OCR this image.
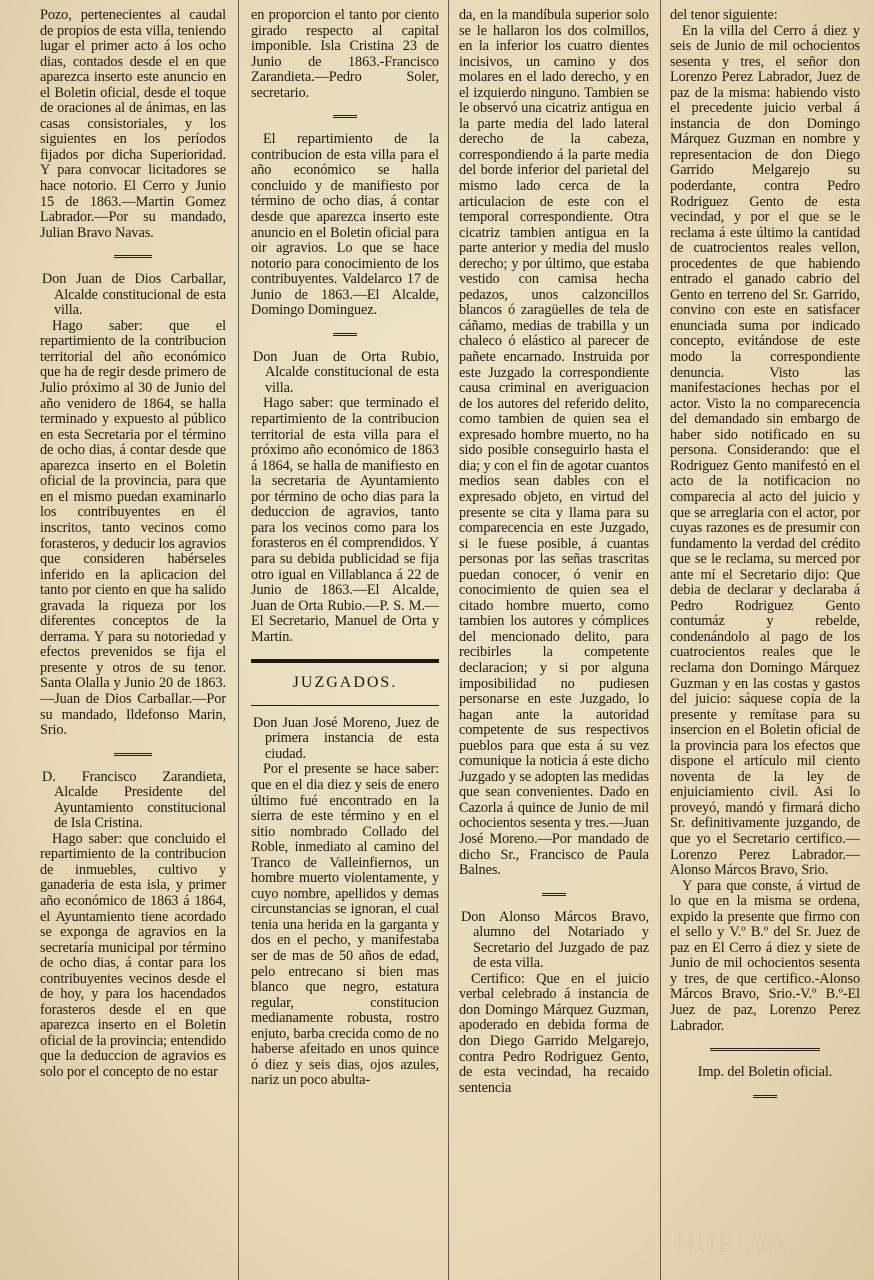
Pozo, pertenecientes al caudal de propios de esta villa, teniendo lugar el primer acto á los ocho dias, contados desde el en que aparezca inserto este anuncio en el Boletin oficial, desde el toque de oraciones al de ánimas, en las casas consistoriales, y los siguientes en los períodos fijados por dicha Superioridad. Y para convocar licitadores se hace notorio. El Cerro y Junio 15 de 1863.—Martin Gomez Labrador.—Por su mandado, Julian Bravo Navas.

Don Juan de Dios Carballar, Alcalde constitucional de esta villa.

Hago saber: que el repartimiento de la contribucion territorial del año económico que ha de regir desde primero de Julio próximo al 30 de Junio del año venidero de 1864, se halla terminado y expuesto al público en esta Secretaria por el término de ocho dias, á contar desde que aparezca inserto en el Boletin oficial de la provincia, para que en el mismo puedan examinarlo los contribuyentes en él inscritos, tanto vecinos como forasteros, y deducir los agravios que consideren habérseles inferido en la aplicacion del tanto por ciento en que ha salido gravada la riqueza por los diferentes conceptos de la derrama. Y para su notoriedad y efectos prevenidos se fija el presente y otros de su tenor. Santa Olalla y Junio 20 de 1863.—Juan de Dios Carballar.—Por su mandado, Ildefonso Marin, Srio.

D. Francisco Zarandieta, Alcalde Presidente del Ayuntamiento constitucional de Isla Cristina.

Hago saber: que concluido el repartimiento de la contribucion de inmuebles, cultivo y ganaderia de esta isla, y primer año económico de 1863 á 1864, el Ayuntamiento tiene acordado se exponga de agravios en la secretaría municipal por término de ocho dias, á contar para los contribuyentes vecinos desde el de hoy, y para los hacendados forasteros desde el en que aparezca inserto en el Boletin oficial de la provincia; entendido que la deduccion de agravios es solo por el concepto de no estar

en proporcion el tanto por ciento girado respecto al capital imponible. Isla Cristina 23 de Junio de 1863.-Francisco Zarandieta.—Pedro Soler, secretario.

El repartimiento de la contribucion de esta villa para el año económico se halla concluido y de manifiesto por término de ocho dias, á contar desde que aparezca inserto este anuncio en el Boletin oficial para oir agravios. Lo que se hace notorio para conocimiento de los contribuyentes. Valdelarco 17 de Junio de 1863.—El Alcalde, Domingo Dominguez.

Don Juan de Orta Rubio, Alcalde constitucional de esta villa.

Hago saber: que terminado el repartimiento de la contribucion territorial de esta villa para el próximo año económico de 1863 á 1864, se halla de manifiesto en la secretaria de Ayuntamiento por término de ocho dias para la deduccion de agravios, tanto para los vecinos como para los forasteros en él comprendidos. Y para su debida publicidad se fija otro igual en Villablanca á 22 de Junio de 1863.—El Alcalde, Juan de Orta Rubio.—P. S. M.—El Secretario, Manuel de Orta y Martin.

JUZGADOS.

Don Juan José Moreno, Juez de primera instancia de esta ciudad.

Por el presente se hace saber: que en el dia diez y seis de enero último fué encontrado en la sierra de este término y en el sitio nombrado Collado del Roble, inmediato al camino del Tranco de Valleinfiernos, un hombre muerto violentamente, y cuyo nombre, apellidos y demas circunstancias se ignoran, el cual tenia una herida en la garganta y dos en el pecho, y manifestaba ser de mas de 50 años de edad, pelo entrecano si bien mas blanco que negro, estatura regular, constitucion medianamente robusta, rostro enjuto, barba crecida como de no haberse afeitado en unos quince ó diez y seis dias, ojos azules, nariz un poco abulta-

da, en la mandíbula superior solo se le hallaron los dos colmillos, en la inferior los cuatro dientes incisivos, un camino y dos molares en el lado derecho, y en el izquierdo ninguno. Tambien se le observó una cicatriz antigua en la parte media del lado lateral derecho de la cabeza, correspondiendo á la parte media del borde inferior del parietal del mismo lado cerca de la articulacion de este con el temporal correspondiente. Otra cicatriz tambien antigua en la parte anterior y media del muslo derecho; y por último, que estaba vestido con camisa hecha pedazos, unos calzoncillos blancos ó zaragüelles de tela de cáñamo, medias de trabilla y un chaleco ó elástico al parecer de pañete encarnado. Instruida por este Juzgado la correspondiente causa criminal en averiguacion de los autores del referido delito, como tambien de quien sea el expresado hombre muerto, no ha sido posible conseguirlo hasta el dia; y con el fin de agotar cuantos medios sean dables con el expresado objeto, en virtud del presente se cita y llama para su comparecencia en este Juzgado, si le fuese posible, á cuantas personas por las señas trascritas puedan conocer, ó venir en conocimiento de quien sea el citado hombre muerto, como tambien los autores y cómplices del mencionado delito, para recibirles la competente declaracion; y si por alguna imposibilidad no pudiesen personarse en este Juzgado, lo hagan ante la autoridad competente de sus respectivos pueblos para que esta á su vez comunique la noticia á este dicho Juzgado y se adopten las medidas que sean convenientes. Dado en Cazorla á quince de Junio de mil ochocientos sesenta y tres.—Juan José Moreno.—Por mandado de dicho Sr., Francisco de Paula Balnes.

Don Alonso Márcos Bravo, alumno del Notariado y Secretario del Juzgado de paz de esta villa.

Certifico: Que en el juicio verbal celebrado á instancia de don Domingo Márquez Guzman, apoderado en debida forma de don Diego Garrido Melgarejo, contra Pedro Rodriguez Gento, de esta vecindad, ha recaido sentencia

del tenor siguiente:

En la villa del Cerro á diez y seis de Junio de mil ochocientos sesenta y tres, el señor don Lorenzo Perez Labrador, Juez de paz de la misma: habiendo visto el precedente juicio verbal á instancia de don Domingo Márquez Guzman en nombre y representacion de don Diego Garrido Melgarejo su poderdante, contra Pedro Rodriguez Gento de esta vecindad, y por el que se le reclama á este último la cantidad de cuatrocientos reales vellon, procedentes de que habiendo entrado el ganado cabrio del Gento en terreno del Sr. Garrido, convino con este en satisfacer enunciada suma por indicado concepto, evitándose de este modo la correspondiente denuncia. Visto las manifestaciones hechas por el actor. Visto la no comparecencia del demandado sin embargo de haber sido notificado en su persona. Considerando: que el Rodriguez Gento manifestó en el acto de la notificacion no comparecia al acto del juicio y que se arreglaria con el actor, por cuyas razones es de presumir con fundamento la verdad del crédito que se le reclama, su merced por ante mí el Secretario dijo: Que debia de declarar y declaraba á Pedro Rodriguez Gento contumáz y rebelde, condenándolo al pago de los cuatrocientos reales que le reclama don Domingo Márquez Guzman y en las costas y gastos del juicio: sáquese copia de la presente y remítase para su insercion en el Boletin oficial de la provincia para los efectos que dispone el artículo mil ciento noventa de la ley de enjuiciamiento civil. Asi lo proveyó, mandó y firmará dicho Sr. definitivamente juzgando, de que yo el Secretario certifico.—Lorenzo Perez Labrador.—Alonso Márcos Bravo, Srio.

Y para que conste, á virtud de lo que en la misma se ordena, expido la presente que firmo con el sello y V.º B.º del Sr. Juez de paz en El Cerro á diez y siete de Junio de mil ochocientos sesenta y tres, de que certifico.-Alonso Márcos Bravo, Srio.-V.º B.º-El Juez de paz, Lorenzo Perez Labrador.

Imp. del Boletin oficial.

HUELVA
